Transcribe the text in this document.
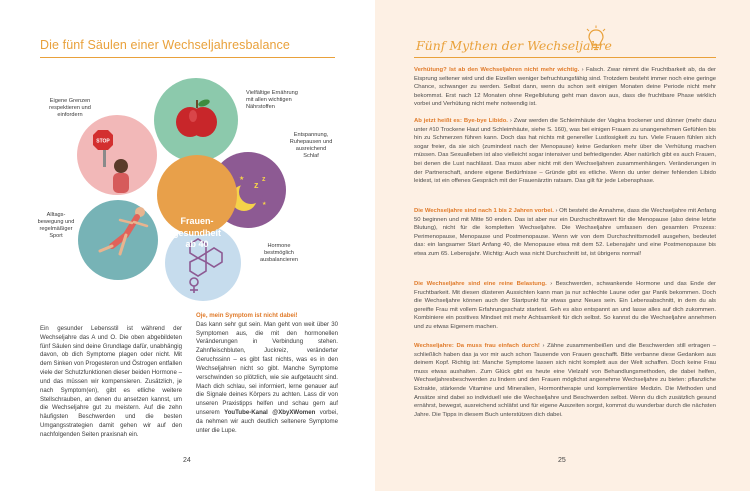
Die fünf Säulen einer Wechseljahresbalance
STOP
z
z
★
★
Frauen-
gesundheit
ab 40
Eigene Grenzen
respektieren und
einfordern
Vielfältige Ernährung
mit allen wichtigen
Nährstoffen
Entspannung,
Ruhepausen und
ausreichend
Schlaf
Alltags-
bewegung und
regelmäßiger
Sport
Hormone
bestmöglich
ausbalancieren
Ein gesunder Lebensstil ist während der Wechseljahre das A und O. Die oben abgebildeten fünf Säulen sind deine Grundlage dafür, unabhängig davon, ob dich Symptome plagen oder nicht. Mit dem Sinken von Progesteron und Östrogen entfallen viele der Schutzfunktionen dieser beiden Hormone – und das müssen wir kompensieren. Zusätzlich, je nach Symptom(en), gibt es etliche weitere Stellschrauben, an denen du ansetzen kannst, um die Wechseljahre gut zu meistern. Auf die zehn häufigsten Beschwerden und die besten Umgangsstrategien damit gehen wir auf den nachfolgenden Seiten praxisnah ein.
Oje, mein Symptom ist nicht dabei!
Das kann sehr gut sein. Man geht von weit über 30 Symptomen aus, die mit den hormonellen Veränderungen in Verbindung stehen. Zahnfleischbluten, Juckreiz, veränderter Geruchssinn – es gibt fast nichts, was es in den Wechseljahren nicht so gibt. Manche Symptome verschwinden so plötzlich, wie sie aufgetaucht sind. Mach dich schlau, sei informiert, lerne genauer auf die Signale deines Körpers zu achten. Lass dir von unseren Praxistipps helfen und schau gern auf unserem YouTube-Kanal @XbyXWomen vorbei, da nehmen wir auch deutlich seltenere Symptome unter die Lupe.
24
Fünf Mythen der Wechseljahre
Verhütung? Ist ab den Wechseljahren nicht mehr wichtig. › Falsch. Zwar nimmt die Fruchtbarkeit ab, da der Eisprung seltener wird und die Eizellen weniger befruchtungsfähig sind. Trotzdem besteht immer noch eine geringe Chance, schwanger zu werden. Selbst dann, wenn du schon seit einigen Monaten deine Periode nicht mehr bekommst. Erst nach 12 Monaten ohne Regelblutung geht man davon aus, dass die fruchtbare Phase wirklich vorbei und Verhütung nicht mehr notwendig ist.
Ab jetzt heißt es: Bye-bye Libido. › Zwar werden die Schleimhäute der Vagina trockener und dünner (mehr dazu unter #10 Trockene Haut und Schleimhäute, siehe S. 160), was bei einigen Frauen zu unangenehmen Gefühlen bis hin zu Schmerzen führen kann. Doch das hat nichts mit genereller Lustlosigkeit zu tun. Viele Frauen fühlen sich sogar freier, da sie sich (zumindest nach der Menopause) keine Gedanken mehr über die Verhütung machen müssen. Das Sexualleben ist also vielleicht sogar intensiver und befriedigender. Aber natürlich gibt es auch Frauen, bei denen die Lust nachlässt. Das muss aber nicht mit den Wechseljahren zusammenhängen. Veränderungen in der Partnerschaft, andere eigene Bedürfnisse – Gründe gibt es etliche. Wenn du unter deiner fehlenden Libido leidest, ist ein offenes Gespräch mit der Frauenärztin ratsam. Das gilt für jede Lebensphase.
Die Wechseljahre sind nach 1 bis 2 Jahren vorbei. › Oft besteht die Annahme, dass die Wechseljahre mit Anfang 50 beginnen und mit Mitte 50 enden. Das ist aber nur ein Durchschnittswert für die Menopause (also deine letzte Blutung), nicht für die kompletten Wechseljahre. Die Wechseljahre umfassen den gesamten Prozess: Perimenopause, Menopause und Postmenopause. Wenn wir von dem Durchschnittsmodell ausgehen, bedeutet das: ein langsamer Start Anfang 40, die Menopause etwa mit dem 52. Lebensjahr und eine Postmenopause bis etwa zum 65. Lebensjahr. Wichtig: Auch was nicht Durchschnitt ist, ist übrigens normal!
Die Wechseljahre sind eine reine Belastung. › Beschwerden, schwankende Hormone und das Ende der Fruchtbarkeit. Mit diesen düsteren Aussichten kann man ja nur schlechte Laune oder gar Panik bekommen. Doch die Wechseljahre können auch der Startpunkt für etwas ganz Neues sein. Ein Lebensabschnitt, in dem du als gereifte Frau mit vollem Erfahrungsschatz startest. Geh es also entspannt an und lasse alles auf dich zukommen. Kombiniere ein positives Mindset mit mehr Achtsamkeit für dich selbst. So kannst du die Wechseljahre annehmen und zu etwas Eigenem machen.
Wechseljahre: Da muss frau einfach durch! › Zähne zusammenbeißen und die Beschwerden still ertragen – schließlich haben das ja vor mir auch schon Tausende von Frauen geschafft. Bitte verbanne diese Gedanken aus deinem Kopf. Richtig ist: Manche Symptome lassen sich nicht komplett aus der Welt schaffen. Doch keine Frau muss etwas aushalten. Zum Glück gibt es heute eine Vielzahl von Behandlungsmethoden, die dabei helfen, Wechseljahresbeschwerden zu lindern und den Frauen möglichst angenehme Wechseljahre zu bieten: pflanzliche Extrakte, stärkende Vitamine und Mineralien, Hormontherapie und komplementäre Medizin. Die Methoden und Ansätze sind dabei so individuell wie die Wechseljahre und Beschwerden selbst. Wenn du dich zusätzlich gesund ernährst, bewegst, ausreichend schläfst und für eigene Auszeiten sorgst, kommst du wunderbar durch die nächsten Jahre. Die Tipps in diesem Buch unterstützen dich dabei.
25
